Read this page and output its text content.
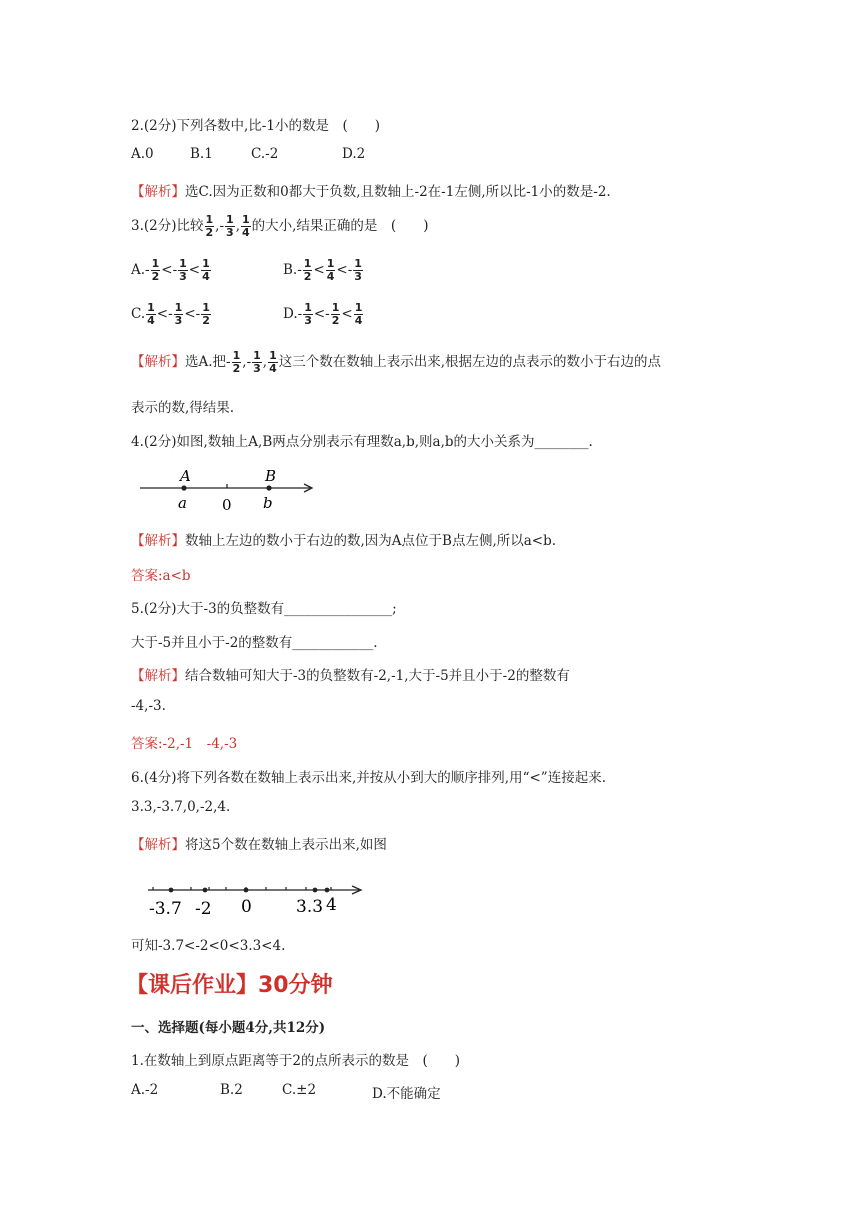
2.(2分)下列各数中,比-1小的数是　(　　)
A.0	B.1	C.-2	D.2
【解析】选C.因为正数和0都大于负数,且数轴上-2在-1左侧,所以比-1小的数是-2.
3.(2分)比较 $\frac{1}{2}$ ,- $\frac{1}{3}$ , $\frac{1}{4}$ 的大小,结果正确的是　(　　)
$A.- \frac{1}{2} <- \frac{1}{3} < \frac{1}{4}$	$B.- \frac{1}{2} < \frac{1}{4} <- \frac{1}{3}$
C. $\frac{1}{4} <- \frac{1}{3} <- \frac{1}{2}$	$D.- \frac{1}{3} <- \frac{1}{2} < \frac{1}{4}$
【解析】选A.把- $\frac{1}{2}$ ,- $\frac{1}{3}$ , $\frac{1}{4}$ 这三个数在数轴上表示出来,根据左边的点表示的数小于右边的点
表示的数,得结果.
4.(2分)如图,数轴上A,B两点分别表示有理数a,b,则a,b的大小关系为________.
A	B
a 0 b
【解析】数轴上左边的数小于右边的数,因为A点位于B点左侧,所以a<b.
答案:a<b
5.(2分)大于-3的负整数有________________;
大于-5并且小于-2的整数有____________.
【解析】结合数轴可知大于-3的负整数有-2,-1,大于-5并且小于-2的整数有
-4,-3.
答案:-2,-1　-4,-3
6.(4分)将下列各数在数轴上表示出来,并按从小到大的顺序排列,用“<”连接起来.
3.3,-3.7,0,-2,4.
【解析】将这5个数在数轴上表示出来,如图
-3.7 -2 0	3.3 4
可知-3.7<-2<0<3.3<4.
【课后作业】30分钟
一、选择题(每小题4分,共12分)
1.在数轴上到原点距离等于2的点所表示的数是　(　　)
A.-2	B.2	C.±2	D.不能确定
